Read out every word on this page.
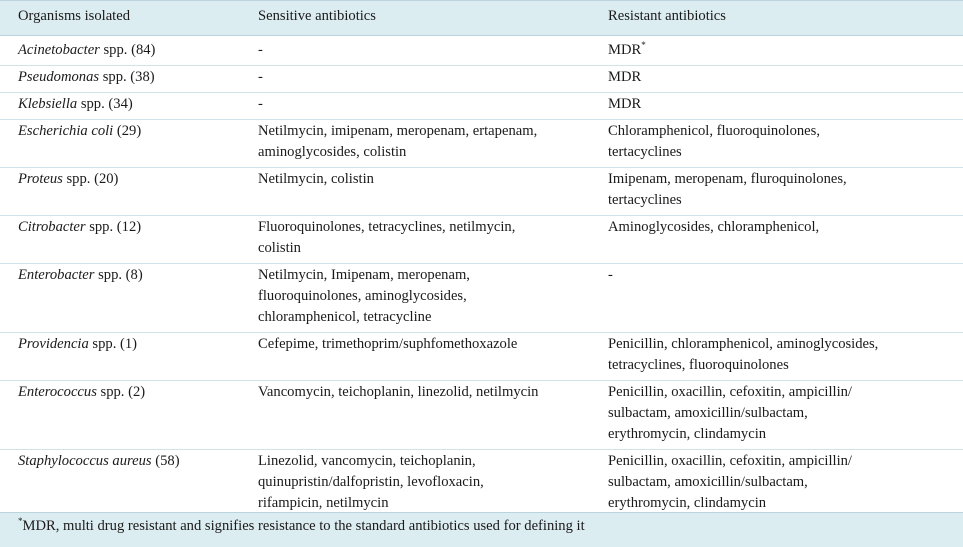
Organisms isolated	Sensitive antibiotics	Resistant antibiotics
Acinetobacter spp. (84)	-	MDR*

Pseudomonas spp. (38)	-	MDR

Klebsiella spp. (34)	-	MDR

Escherichia coli (29)	Netilmycin, imipenam, meropenam, ertapenam,
aminoglycosides, colistin	Chloramphenicol, fluoroquinolones,
tertacyclines

Proteus spp. (20)	Netilmycin, colistin	Imipenam, meropenam, fluroquinolones,
tertacyclines

Citrobacter spp. (12)	Fluoroquinolones, tetracyclines, netilmycin,
colistin	Aminoglycosides, chloramphenicol,

Enterobacter spp. (8)	Netilmycin, Imipenam, meropenam,
fluoroquinolones, aminoglycosides,
chloramphenicol, tetracycline	-

Providencia spp. (1)	Cefepime, trimethoprim/suphfomethoxazole	Penicillin, chloramphenicol, aminoglycosides,
tetracyclines, fluoroquinolones

Enterococcus spp. (2)	Vancomycin, teichoplanin, linezolid, netilmycin	Penicillin, oxacillin, cefoxitin, ampicillin/
sulbactam, amoxicillin/sulbactam,
erythromycin, clindamycin

Staphylococcus aureus (58)	Linezolid, vancomycin, teichoplanin,
quinupristin/dalfopristin, levofloxacin,
rifampicin, netilmycin	Penicillin, oxacillin, cefoxitin, ampicillin/
sulbactam, amoxicillin/sulbactam,
erythromycin, clindamycin
*MDR, multi drug resistant and signifies resistance to the standard antibiotics used for defining it
